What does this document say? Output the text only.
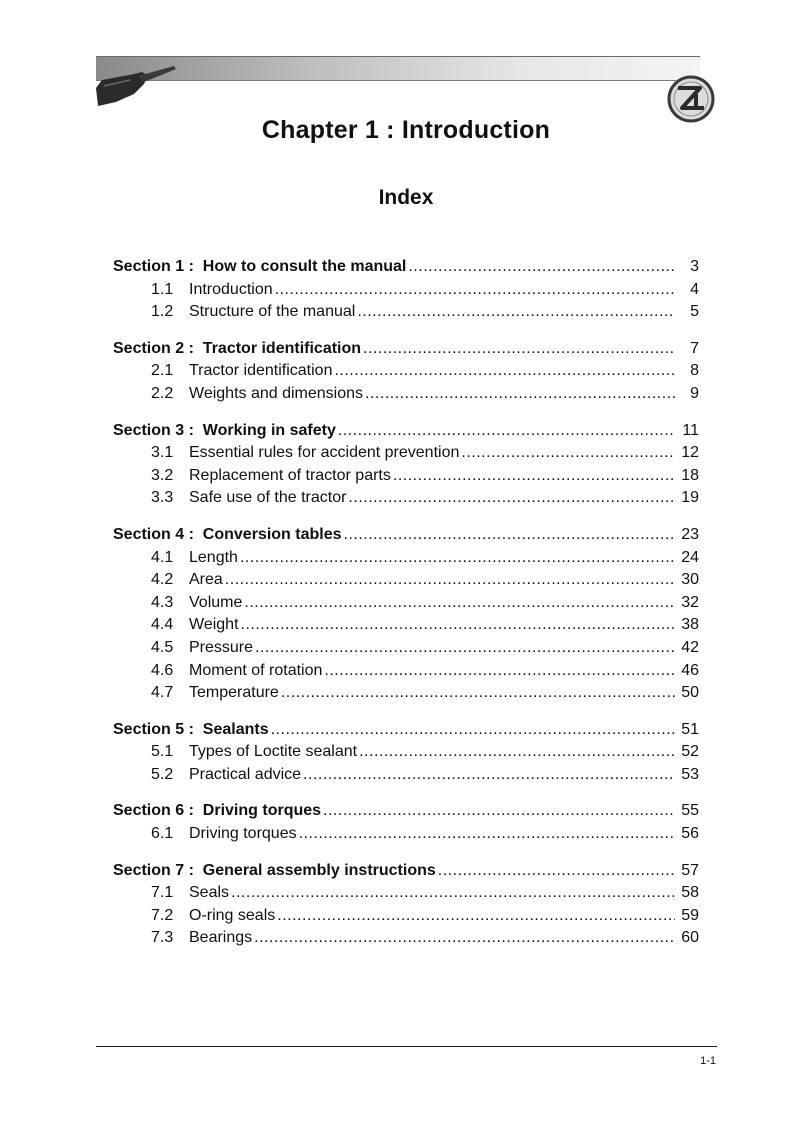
Chapter 1 : Introduction
Index
Section 1 : How to consult the manual .....	3
1.1 Introduction .....	4
1.2 Structure of the manual .....	5
Section 2 : Tractor identification .....	7
2.1 Tractor identification .....	8
2.2 Weights and dimensions .....	9
Section 3 : Working in safety .....	11
3.1 Essential rules for accident prevention .....	12
3.2 Replacement of tractor parts .....	18
3.3 Safe use of the tractor .....	19
Section 4 : Conversion tables .....	23
4.1 Length .....	24
4.2 Area .....	30
4.3 Volume .....	32
4.4 Weight .....	38
4.5 Pressure .....	42
4.6 Moment of rotation .....	46
4.7 Temperature .....	50
Section 5 : Sealants .....	51
5.1 Types of Loctite sealant .....	52
5.2 Practical advice .....	53
Section 6 : Driving torques .....	55
6.1 Driving torques .....	56
Section 7 : General assembly instructions .....	57
7.1 Seals .....	58
7.2 O-ring seals .....	59
7.3 Bearings .....	60
1-1
